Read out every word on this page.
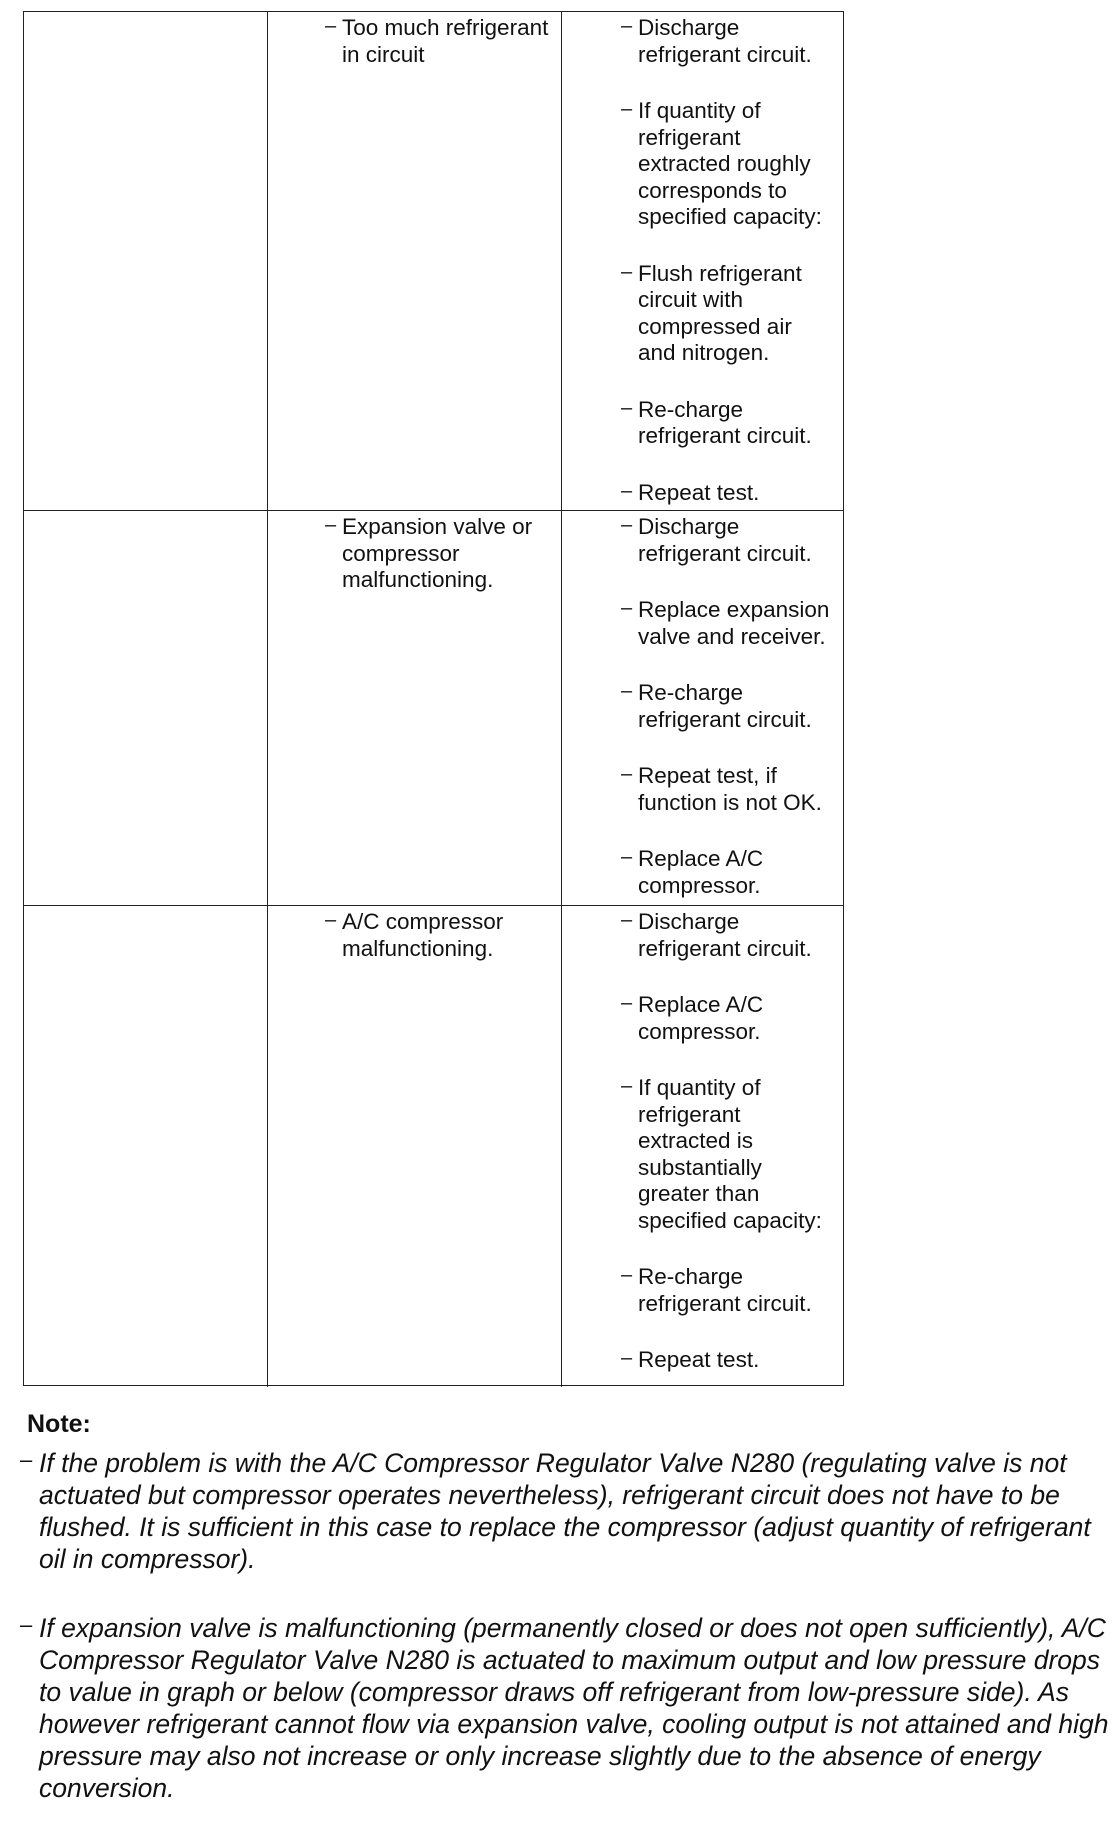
– Too much refrigerant in circuit
– Discharge refrigerant circuit.
– If quantity of refrigerant extracted roughly corresponds to specified capacity:
– Flush refrigerant circuit with compressed air and nitrogen.
– Re-charge refrigerant circuit.
– Repeat test.
– Expansion valve or compressor malfunctioning.
– Discharge refrigerant circuit.
– Replace expansion valve and receiver.
– Re-charge refrigerant circuit.
– Repeat test, if function is not OK.
– Replace A/C compressor.
– A/C compressor malfunctioning.
– Discharge refrigerant circuit.
– Replace A/C compressor.
– If quantity of refrigerant extracted is substantially greater than specified capacity:
– Re-charge refrigerant circuit.
– Repeat test.
Note:
– If the problem is with the A/C Compressor Regulator Valve N280 (regulating valve is not actuated but compressor operates nevertheless), refrigerant circuit does not have to be flushed. It is sufficient in this case to replace the compressor (adjust quantity of refrigerant oil in compressor).
– If expansion valve is malfunctioning (permanently closed or does not open sufficiently), A/C Compressor Regulator Valve N280 is actuated to maximum output and low pressure drops to value in graph or below (compressor draws off refrigerant from low-pressure side). As however refrigerant cannot flow via expansion valve, cooling output is not attained and high pressure may also not increase or only increase slightly due to the absence of energy conversion.
